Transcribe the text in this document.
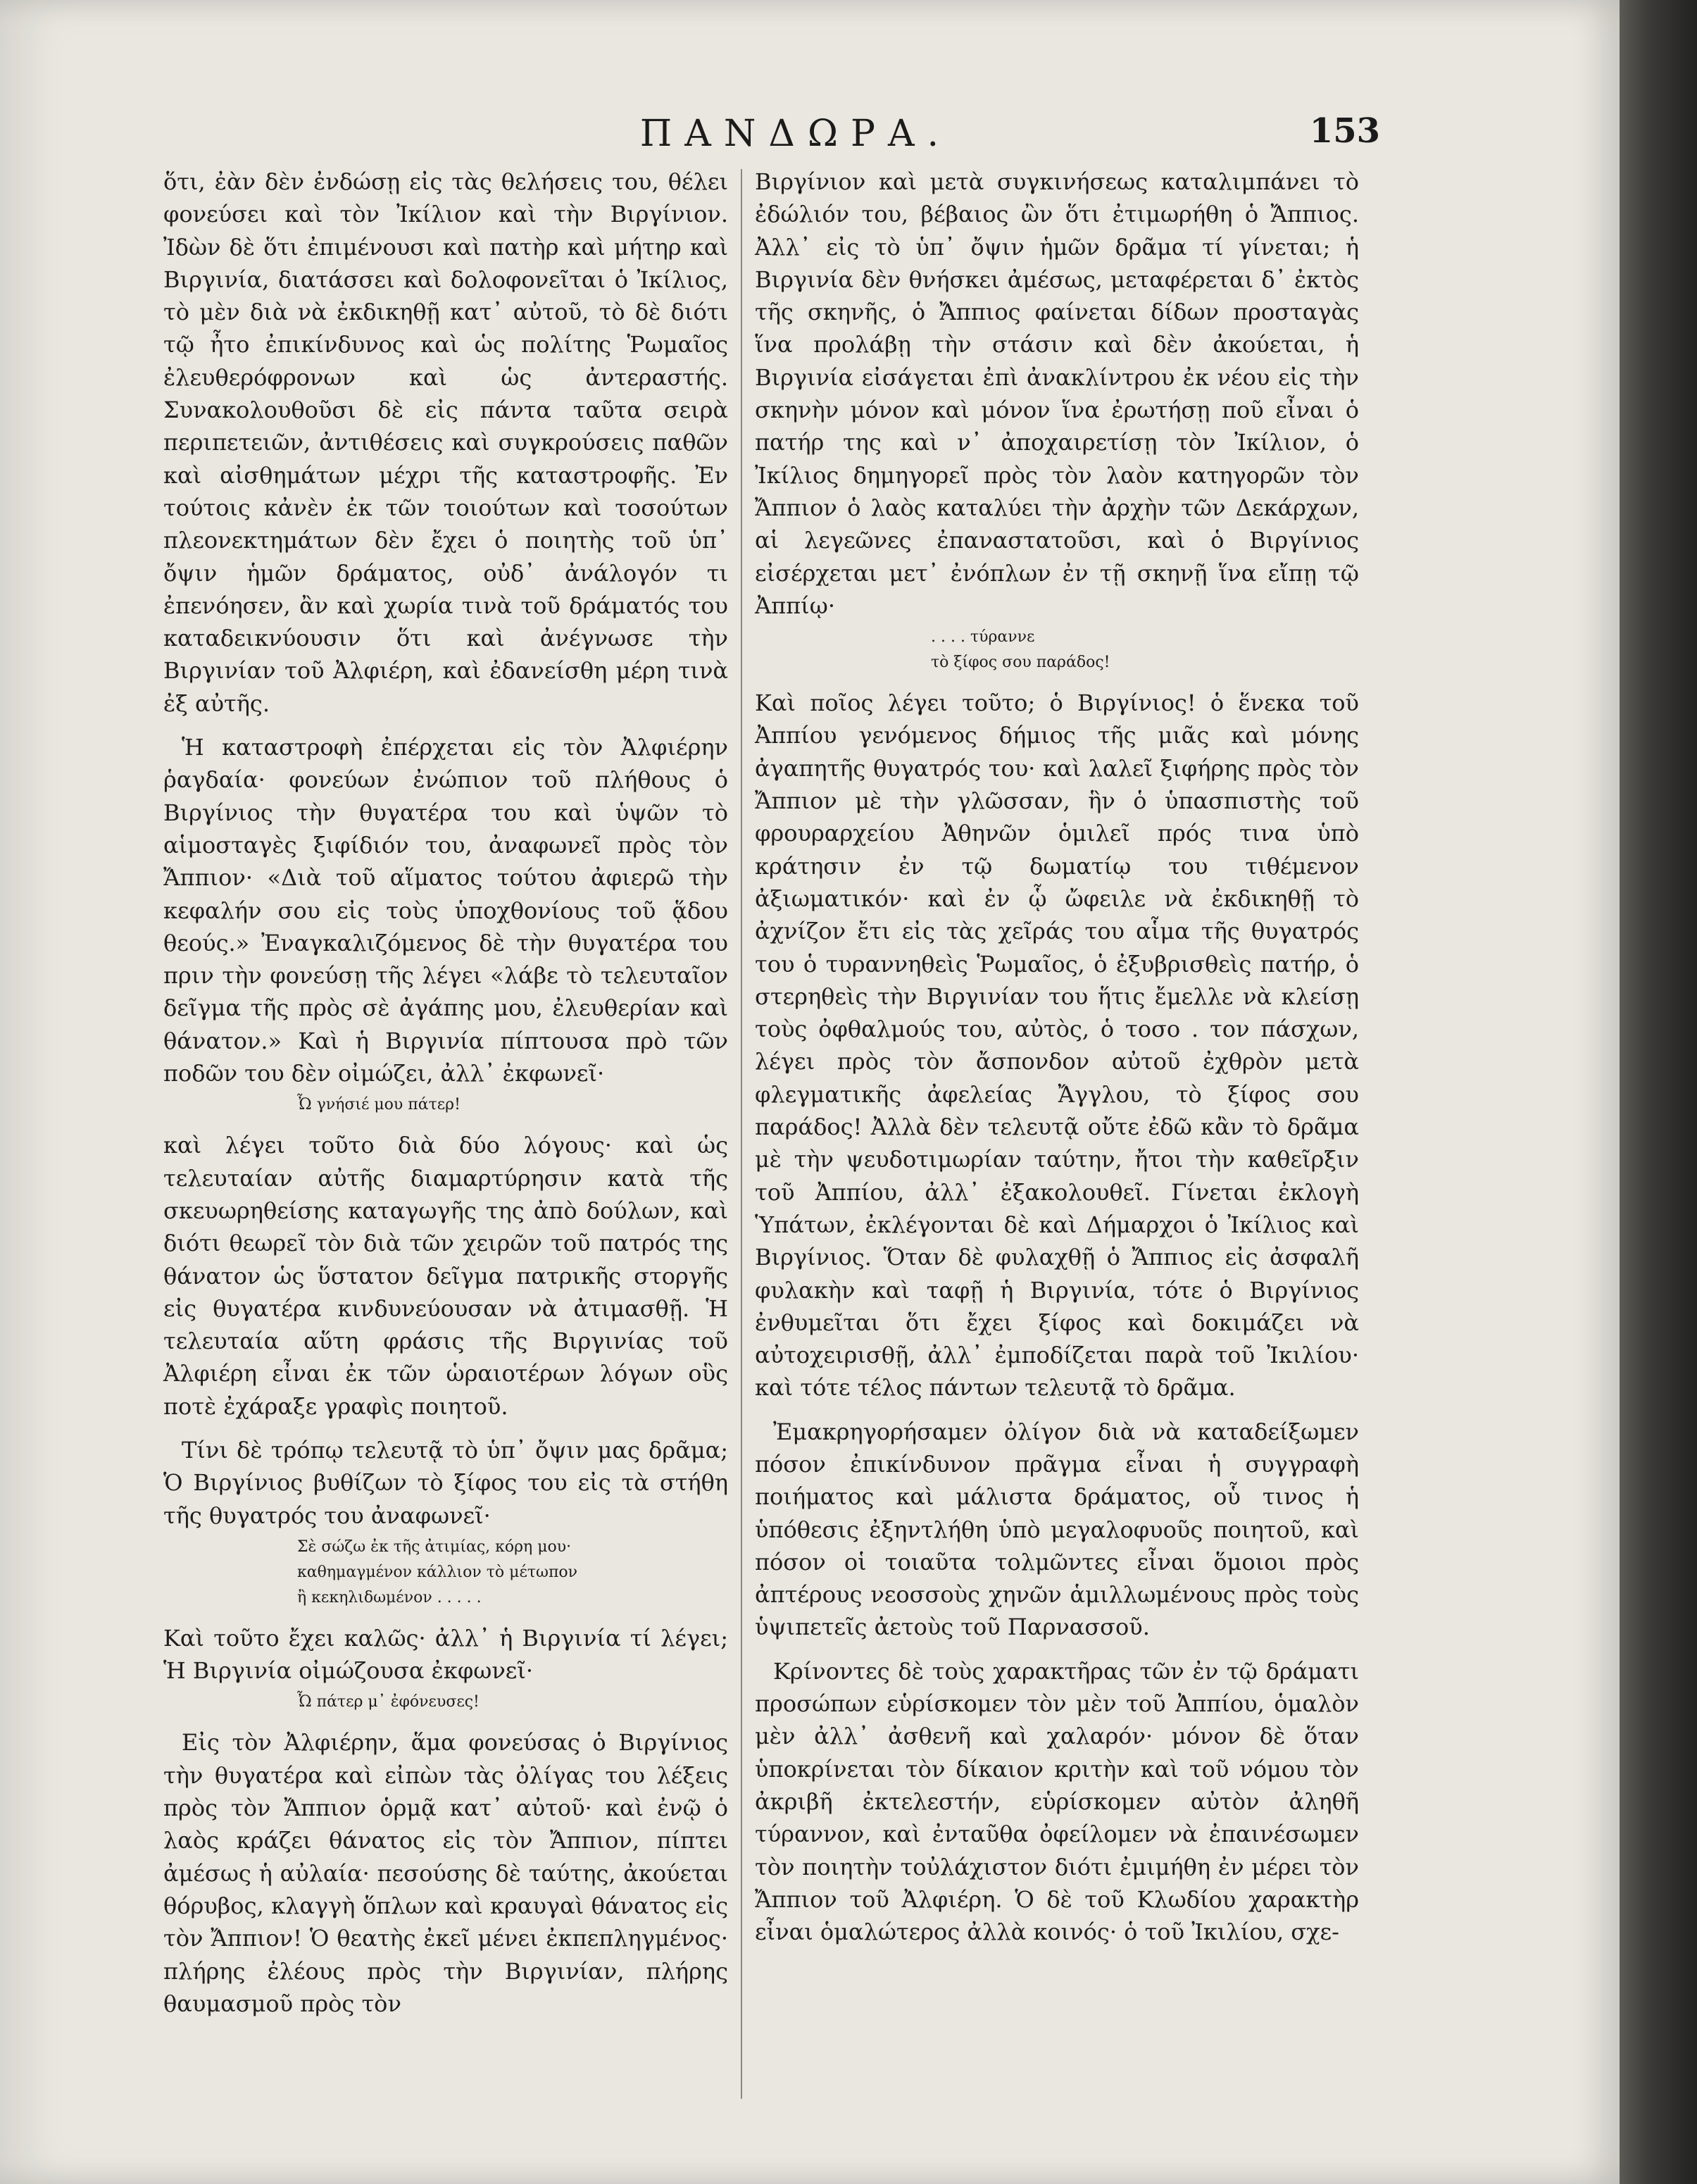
ΠΑΝΔΩΡΑ.	153

ὅτι, ἐὰν δὲν ἐνδώσῃ εἰς τὰς θελήσεις του, θέλει φονεύσει καὶ τὸν Ἰκίλιον καὶ τὴν Βιργίνιον. Ἰδὼν δὲ ὅτι ἐπιμένουσι καὶ πατὴρ καὶ μήτηρ καὶ Βιργινία, διατάσσει καὶ δολοφονεῖται ὁ Ἰκίλιος, τὸ μὲν διὰ νὰ ἐκδικηθῇ κατ᾽ αὐτοῦ, τὸ δὲ διότι τῷ ἦτο ἐπικίνδυνος καὶ ὡς πολίτης Ῥωμαῖος ἐλευθερόφρονων καὶ ὡς ἀντεραστής. Συνακολουθοῦσι δὲ εἰς πάντα ταῦτα σειρὰ περιπετειῶν, ἀντιθέσεις καὶ συγκρούσεις παθῶν καὶ αἰσθημάτων μέχρι τῆς καταστροφῆς. Ἐν τούτοις κἀνὲν ἐκ τῶν τοιούτων καὶ τοσούτων πλεονεκτημάτων δὲν ἔχει ὁ ποιητὴς τοῦ ὑπ᾽ ὄψιν ἡμῶν δράματος, οὐδ᾽ ἀνάλογόν τι ἐπενόησεν, ἂν καὶ χωρία τινὰ τοῦ δράματός του καταδεικνύουσιν ὅτι καὶ ἀνέγνωσε τὴν Βιργινίαν τοῦ Ἀλφιέρη, καὶ ἐδανείσθη μέρη τινὰ ἐξ αὐτῆς.

Ἡ καταστροφὴ ἐπέρχεται εἰς τὸν Ἀλφιέρην ῥαγδαία· φονεύων ἐνώπιον τοῦ πλήθους ὁ Βιργίνιος τὴν θυγατέρα του καὶ ὑψῶν τὸ αἱμοσταγὲς ξιφίδιόν του, ἀναφωνεῖ πρὸς τὸν Ἄππιον· «Διὰ τοῦ αἵματος τούτου ἀφιερῶ τὴν κεφαλήν σου εἰς τοὺς ὑποχθονίους τοῦ ᾅδου θεούς.» Ἐναγκαλιζόμενος δὲ τὴν θυγατέρα του πριν τὴν φονεύσῃ τῆς λέγει «λάβε τὸ τελευταῖον δεῖγμα τῆς πρὸς σὲ ἀγάπης μου, ἐλευθερίαν καὶ θάνατον.» Καὶ ἡ Βιργινία πίπτουσα πρὸ τῶν ποδῶν του δὲν οἰμώζει, ἀλλ᾽ ἐκφωνεῖ·

Ὦ γνήσιέ μου πάτερ!

καὶ λέγει τοῦτο διὰ δύο λόγους· καὶ ὡς τελευταίαν αὐτῆς διαμαρτύρησιν κατὰ τῆς σκευωρηθείσης καταγωγῆς της ἀπὸ δούλων, καὶ διότι θεωρεῖ τὸν διὰ τῶν χειρῶν τοῦ πατρός της θάνατον ὡς ὕστατον δεῖγμα πατρικῆς στοργῆς εἰς θυγατέρα κινδυνεύουσαν νὰ ἀτιμασθῇ. Ἡ τελευταία αὕτη φράσις τῆς Βιργινίας τοῦ Ἀλφιέρη εἶναι ἐκ τῶν ὡραιοτέρων λόγων οὓς ποτὲ ἐχάραξε γραφὶς ποιητοῦ.

Τίνι δὲ τρόπῳ τελευτᾷ τὸ ὑπ᾽ ὄψιν μας δρᾶμα; Ὁ Βιργίνιος βυθίζων τὸ ξίφος του εἰς τὰ στήθη τῆς θυγατρός του ἀναφωνεῖ·

Σὲ σώζω ἐκ τῆς ἀτιμίας, κόρη μου·

καθημαγμένον κάλλιον τὸ μέτωπον

ἢ κεκηλιδωμένον . . . . .

Καὶ τοῦτο ἔχει καλῶς· ἀλλ᾽ ἡ Βιργινία τί λέγει; Ἡ Βιργινία οἰμώζουσα ἐκφωνεῖ·

Ὦ πάτερ μ᾽ ἐφόνευσες!

Εἰς τὸν Ἀλφιέρην, ἅμα φονεύσας ὁ Βιργίνιος τὴν θυγατέρα καὶ εἰπὼν τὰς ὀλίγας του λέξεις πρὸς τὸν Ἄππιον ὁρμᾷ κατ᾽ αὐτοῦ· καὶ ἐνῷ ὁ λαὸς κράζει θάνατος εἰς τὸν Ἄππιον, πίπτει ἀμέσως ἡ αὐλαία· πεσούσης δὲ ταύτης, ἀκούεται θόρυβος, κλαγγὴ ὅπλων καὶ κραυγαὶ θάνατος εἰς τὸν Ἄππιον! Ὁ θεατὴς ἐκεῖ μένει ἐκπεπληγμένος· πλήρης ἐλέους πρὸς τὴν Βιργινίαν, πλήρης θαυμασμοῦ πρὸς τὸν

Βιργίνιον καὶ μετὰ συγκινήσεως καταλιμπάνει τὸ ἐδώλιόν του, βέβαιος ὢν ὅτι ἐτιμωρήθη ὁ Ἄππιος. Ἀλλ᾽ εἰς τὸ ὑπ᾽ ὄψιν ἡμῶν δρᾶμα τί γίνεται; ἡ Βιργινία δὲν θνήσκει ἀμέσως, μεταφέρεται δ᾽ ἐκτὸς τῆς σκηνῆς, ὁ Ἄππιος φαίνεται δίδων προσταγὰς ἵνα προλάβῃ τὴν στάσιν καὶ δὲν ἀκούεται, ἡ Βιργινία εἰσάγεται ἐπὶ ἀνακλίντρου ἐκ νέου εἰς τὴν σκηνὴν μόνον καὶ μόνον ἵνα ἐρωτήσῃ ποῦ εἶναι ὁ πατήρ της καὶ ν᾽ ἀποχαιρετίσῃ τὸν Ἰκίλιον, ὁ Ἰκίλιος δημηγορεῖ πρὸς τὸν λαὸν κατηγορῶν τὸν Ἄππιον ὁ λαὸς καταλύει τὴν ἀρχὴν τῶν Δεκάρχων, αἱ λεγεῶνες ἐπαναστατοῦσι, καὶ ὁ Βιργίνιος εἰσέρχεται μετ᾽ ἐνόπλων ἐν τῇ σκηνῇ ἵνα εἴπῃ τῷ Ἀππίῳ·

. . . . τύραννε

τὸ ξίφος σου παράδος!

Καὶ ποῖος λέγει τοῦτο; ὁ Βιργίνιος! ὁ ἕνεκα τοῦ Ἀππίου γενόμενος δήμιος τῆς μιᾶς καὶ μόνης ἀγαπητῆς θυγατρός του· καὶ λαλεῖ ξιφήρης πρὸς τὸν Ἄππιον μὲ τὴν γλῶσσαν, ἣν ὁ ὑπασπιστὴς τοῦ φρουραρχείου Ἀθηνῶν ὁμιλεῖ πρός τινα ὑπὸ κράτησιν ἐν τῷ δωματίῳ του τιθέμενον ἀξιωματικόν· καὶ ἐν ᾧ ὤφειλε νὰ ἐκδικηθῇ τὸ ἀχνίζον ἔτι εἰς τὰς χεῖράς του αἷμα τῆς θυγατρός του ὁ τυραννηθεὶς Ῥωμαῖος, ὁ ἐξυβρισθεὶς πατήρ, ὁ στερηθεὶς τὴν Βιργινίαν του ἥτις ἔμελλε νὰ κλείσῃ τοὺς ὀφθαλμούς του, αὐτὸς, ὁ τοσο . τον πάσχων, λέγει πρὸς τὸν ἄσπονδον αὐτοῦ ἐχθρὸν μετὰ φλεγματικῆς ἀφελείας Ἄγγλου, τὸ ξίφος σου παράδος! Ἀλλὰ δὲν τελευτᾷ οὔτε ἐδῶ κἂν τὸ δρᾶμα μὲ τὴν ψευδοτιμωρίαν ταύτην, ἤτοι τὴν καθεῖρξιν τοῦ Ἀππίου, ἀλλ᾽ ἐξακολουθεῖ. Γίνεται ἐκλογὴ Ὑπάτων, ἐκλέγονται δὲ καὶ Δήμαρχοι ὁ Ἰκίλιος καὶ Βιργίνιος. Ὅταν δὲ φυλαχθῇ ὁ Ἄππιος εἰς ἀσφαλῆ φυλακὴν καὶ ταφῇ ἡ Βιργινία, τότε ὁ Βιργίνιος ἐνθυμεῖται ὅτι ἔχει ξίφος καὶ δοκιμάζει νὰ αὐτοχειρισθῇ, ἀλλ᾽ ἐμποδίζεται παρὰ τοῦ Ἰκιλίου· καὶ τότε τέλος πάντων τελευτᾷ τὸ δρᾶμα.

Ἐμακρηγορήσαμεν ὀλίγον διὰ νὰ καταδείξωμεν πόσον ἐπικίνδυνον πρᾶγμα εἶναι ἡ συγγραφὴ ποιήματος καὶ μάλιστα δράματος, οὗ τινος ἡ ὑπόθεσις ἐξηντλήθη ὑπὸ μεγαλοφυοῦς ποιητοῦ, καὶ πόσον οἱ τοιαῦτα τολμῶντες εἶναι ὅμοιοι πρὸς ἀπτέρους νεοσσοὺς χηνῶν ἁμιλλωμένους πρὸς τοὺς ὑψιπετεῖς ἀετοὺς τοῦ Παρνασσοῦ.

Κρίνοντες δὲ τοὺς χαρακτῆρας τῶν ἐν τῷ δράματι προσώπων εὑρίσκομεν τὸν μὲν τοῦ Ἀππίου, ὁμαλὸν μὲν ἀλλ᾽ ἀσθενῆ καὶ χαλαρόν· μόνον δὲ ὅταν ὑποκρίνεται τὸν δίκαιον κριτὴν καὶ τοῦ νόμου τὸν ἀκριβῆ ἐκτελεστήν, εὑρίσκομεν αὐτὸν ἀληθῆ τύραννον, καὶ ἐνταῦθα ὀφείλομεν νὰ ἐπαινέσωμεν τὸν ποιητὴν τοὐλάχιστον διότι ἐμιμήθη ἐν μέρει τὸν Ἄππιον τοῦ Ἀλφιέρη. Ὁ δὲ τοῦ Κλωδίου χαρακτὴρ εἶναι ὁμαλώτερος ἀλλὰ κοινός· ὁ τοῦ Ἰκιλίου, σχε-
